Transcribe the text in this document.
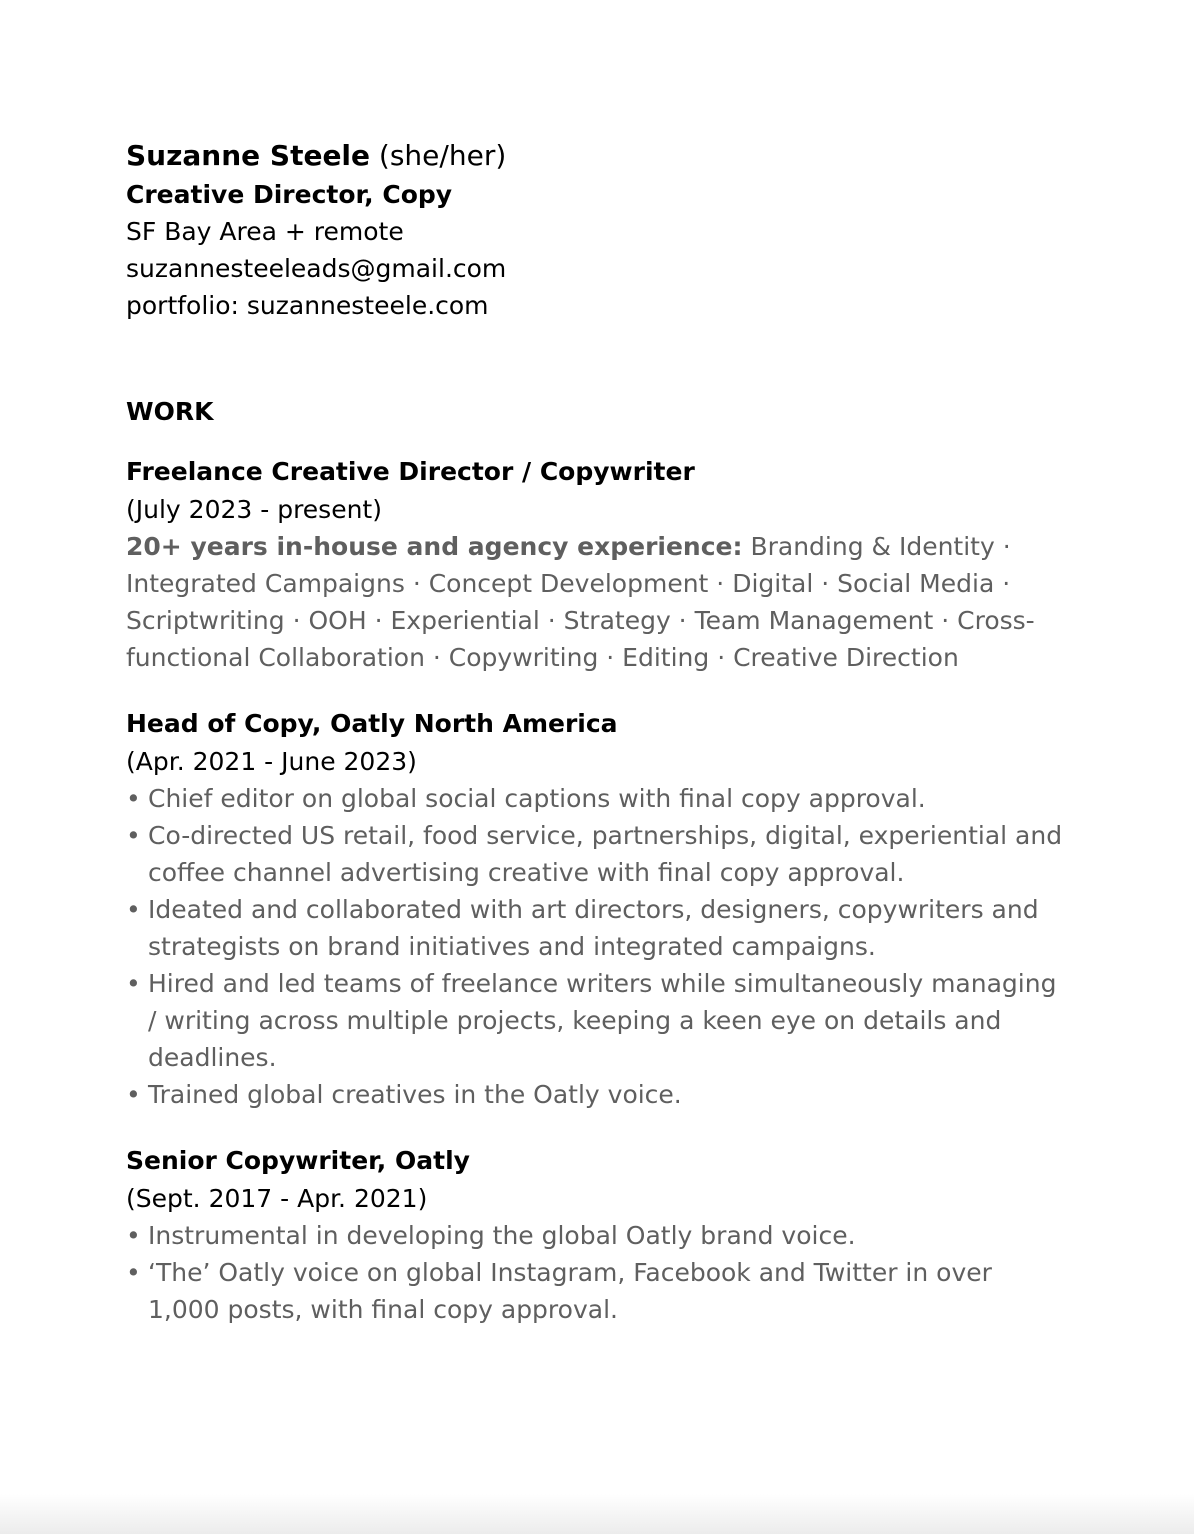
Suzanne Steele (she/her)
Creative Director, Copy
SF Bay Area + remote
suzannesteeleads@gmail.com
portfolio: suzannesteele.com
WORK
Freelance Creative Director / Copywriter
(July 2023 - present)
20+ years in-house and agency experience: Branding & Identity · Integrated Campaigns · Concept Development · Digital · Social Media · Scriptwriting · OOH · Experiential · Strategy · Team Management · Cross-functional Collaboration · Copywriting · Editing · Creative Direction
Head of Copy, Oatly North America
(Apr. 2021 - June 2023)
• Chief editor on global social captions with final copy approval.
• Co-directed US retail, food service, partnerships, digital, experiential and coffee channel advertising creative with final copy approval.
• Ideated and collaborated with art directors, designers, copywriters and strategists on brand initiatives and integrated campaigns.
• Hired and led teams of freelance writers while simultaneously managing / writing across multiple projects, keeping a keen eye on details and deadlines.
• Trained global creatives in the Oatly voice.
Senior Copywriter, Oatly
(Sept. 2017 - Apr. 2021)
• Instrumental in developing the global Oatly brand voice.
• ‘The’ Oatly voice on global Instagram, Facebook and Twitter in over 1,000 posts, with final copy approval.
